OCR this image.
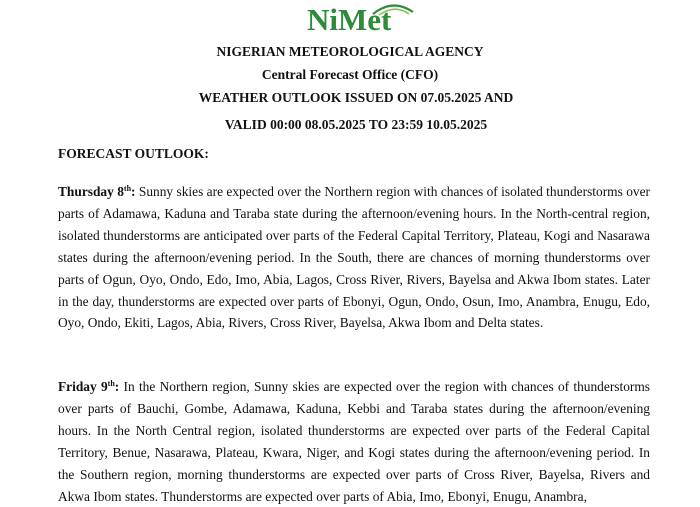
NiMet
NIGERIAN METEOROLOGICAL AGENCY
Central Forecast Office (CFO)
WEATHER OUTLOOK ISSUED ON 07.05.2025 AND
VALID 00:00 08.05.2025 TO 23:59 10.05.2025
FORECAST OUTLOOK:
Thursday 8th: Sunny skies are expected over the Northern region with chances of isolated thunderstorms over parts of Adamawa, Kaduna and Taraba state during the afternoon/evening hours. In the North-central region, isolated thunderstorms are anticipated over parts of the Federal Capital Territory, Plateau, Kogi and Nasarawa states during the afternoon/evening period. In the South, there are chances of morning thunderstorms over parts of Ogun, Oyo, Ondo, Edo, Imo, Abia, Lagos, Cross River, Rivers, Bayelsa and Akwa Ibom states. Later in the day, thunderstorms are expected over parts of Ebonyi, Ogun, Ondo, Osun, Imo, Anambra, Enugu, Edo, Oyo, Ondo, Ekiti, Lagos, Abia, Rivers, Cross River, Bayelsa, Akwa Ibom and Delta states.
Friday 9th: In the Northern region, Sunny skies are expected over the region with chances of thunderstorms over parts of Bauchi, Gombe, Adamawa, Kaduna, Kebbi and Taraba states during the afternoon/evening hours. In the North Central region, isolated thunderstorms are expected over parts of the Federal Capital Territory, Benue, Nasarawa, Plateau, Kwara, Niger, and Kogi states during the afternoon/evening period. In the Southern region, morning thunderstorms are expected over parts of Cross River, Bayelsa, Rivers and Akwa Ibom states. Thunderstorms are expected over parts of Abia, Imo, Ebonyi, Enugu, Anambra,
